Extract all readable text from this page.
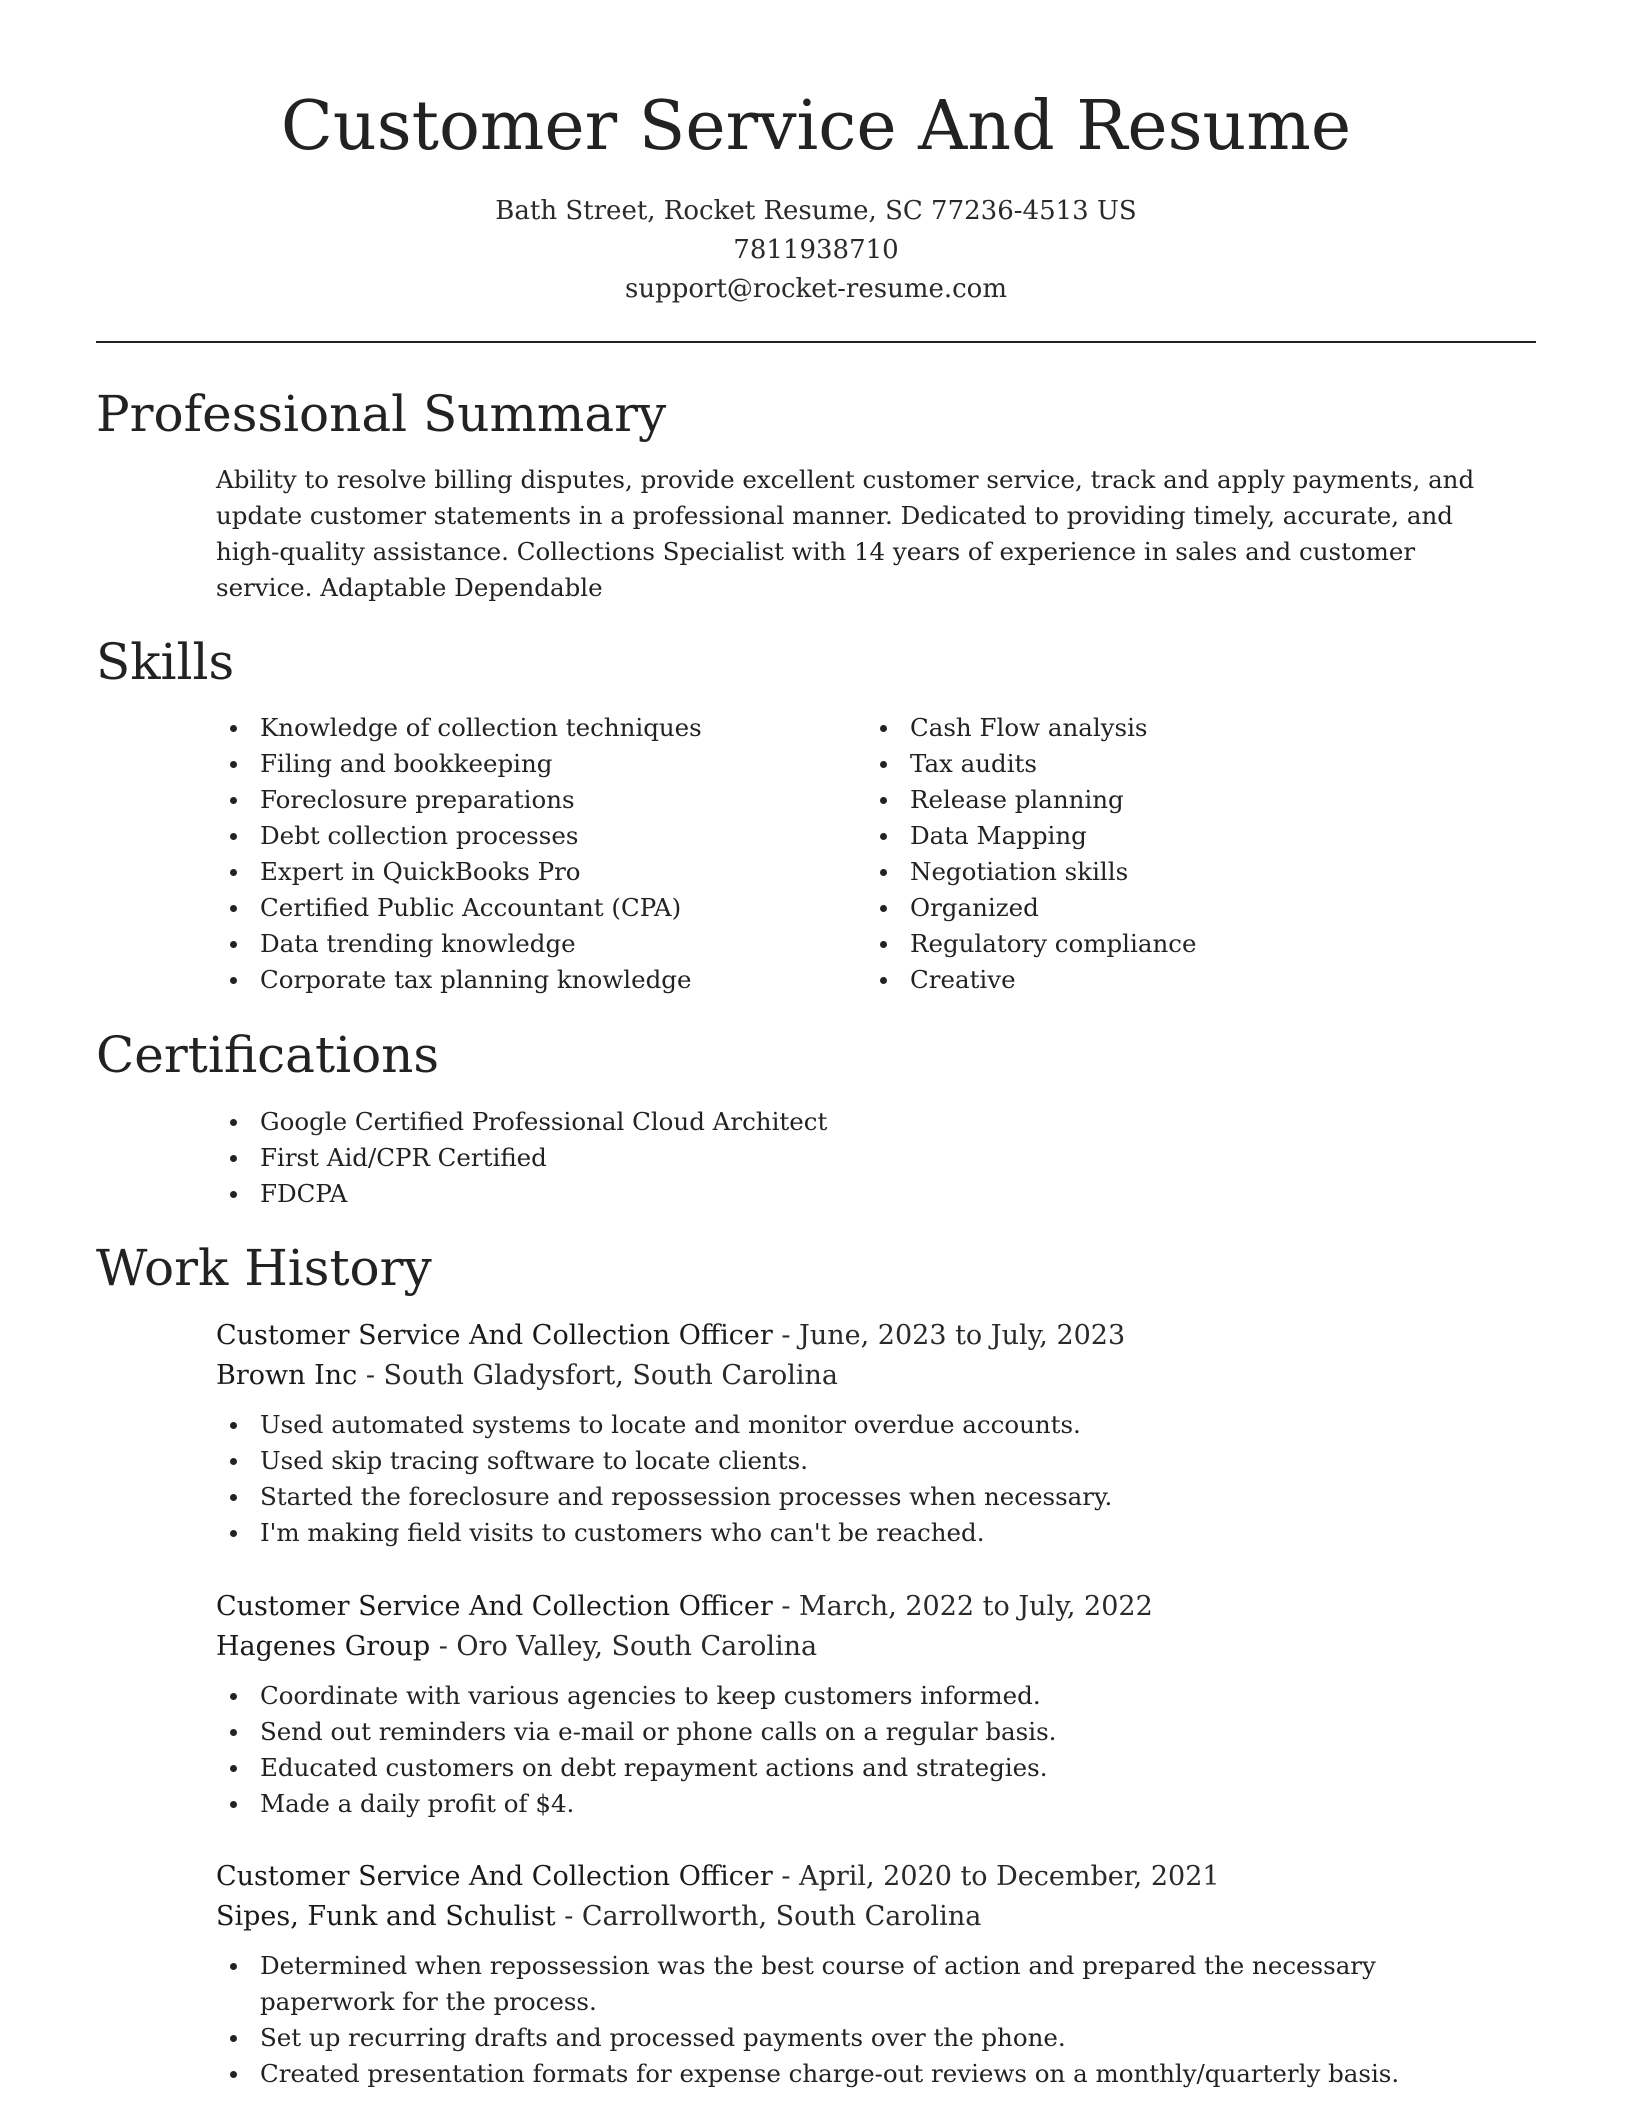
Customer Service And Resume
Bath Street, Rocket Resume, SC 77236-4513 US
7811938710
support@rocket-resume.com
Professional Summary

Ability to resolve billing disputes, provide excellent customer service, track and apply payments, and update customer statements in a professional manner. Dedicated to providing timely, accurate, and high-quality assistance. Collections Specialist with 14 years of experience in sales and customer service. Adaptable Dependable

Skills
Knowledge of collection techniques
Filing and bookkeeping
Foreclosure preparations
Debt collection processes
Expert in QuickBooks Pro
Certified Public Accountant (CPA)
Data trending knowledge
Corporate tax planning knowledge
Cash Flow analysis
Tax audits
Release planning
Data Mapping
Negotiation skills
Organized
Regulatory compliance
Creative
Certifications
Google Certified Professional Cloud Architect
First Aid/CPR Certified
FDCPA
Work History
Customer Service And Collection Officer - June, 2023 to July, 2023
Brown Inc - South Gladysfort, South Carolina
Used automated systems to locate and monitor overdue accounts.
Used skip tracing software to locate clients.
Started the foreclosure and repossession processes when necessary.
I'm making field visits to customers who can't be reached.
Customer Service And Collection Officer - March, 2022 to July, 2022
Hagenes Group - Oro Valley, South Carolina
Coordinate with various agencies to keep customers informed.
Send out reminders via e-mail or phone calls on a regular basis.
Educated customers on debt repayment actions and strategies.
Made a daily profit of $4.
Customer Service And Collection Officer - April, 2020 to December, 2021
Sipes, Funk and Schulist - Carrollworth, South Carolina
Determined when repossession was the best course of action and prepared the necessary paperwork for the process.
Set up recurring drafts and processed payments over the phone.
Created presentation formats for expense charge-out reviews on a monthly/quarterly basis.
